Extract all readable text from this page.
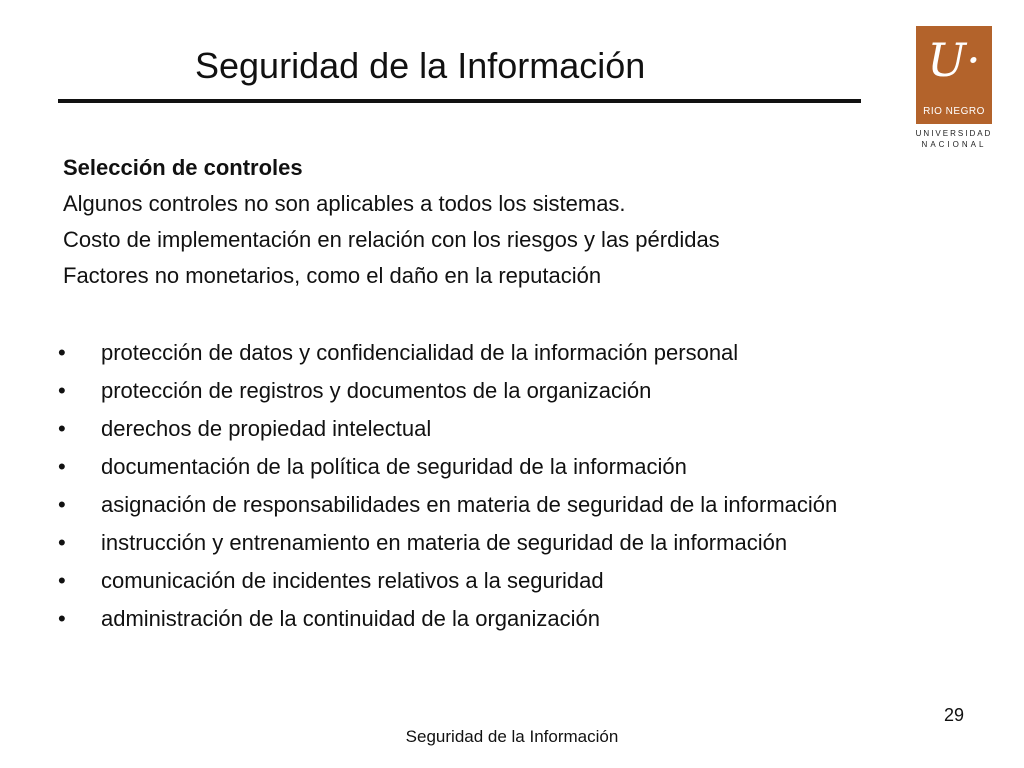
Seguridad de la Información	U·
RIO NEGRO
UNIVERSIDAD
NACIONAL

Selección de controles

Algunos controles no son aplicables a todos los sistemas.

Costo de implementación en relación con los riesgos y las pérdidas

Factores no monetarios, como el daño en la reputación

• protección de datos y confidencialidad de la información personal
• protección de registros y documentos de la organización
• derechos de propiedad intelectual
• documentación de la política de seguridad de la información
• asignación de responsabilidades en materia de seguridad de la información
• instrucción y entrenamiento en materia de seguridad de la información
• comunicación de incidentes relativos a la seguridad
• administración de la continuidad de la organización
29
Seguridad de la Información
